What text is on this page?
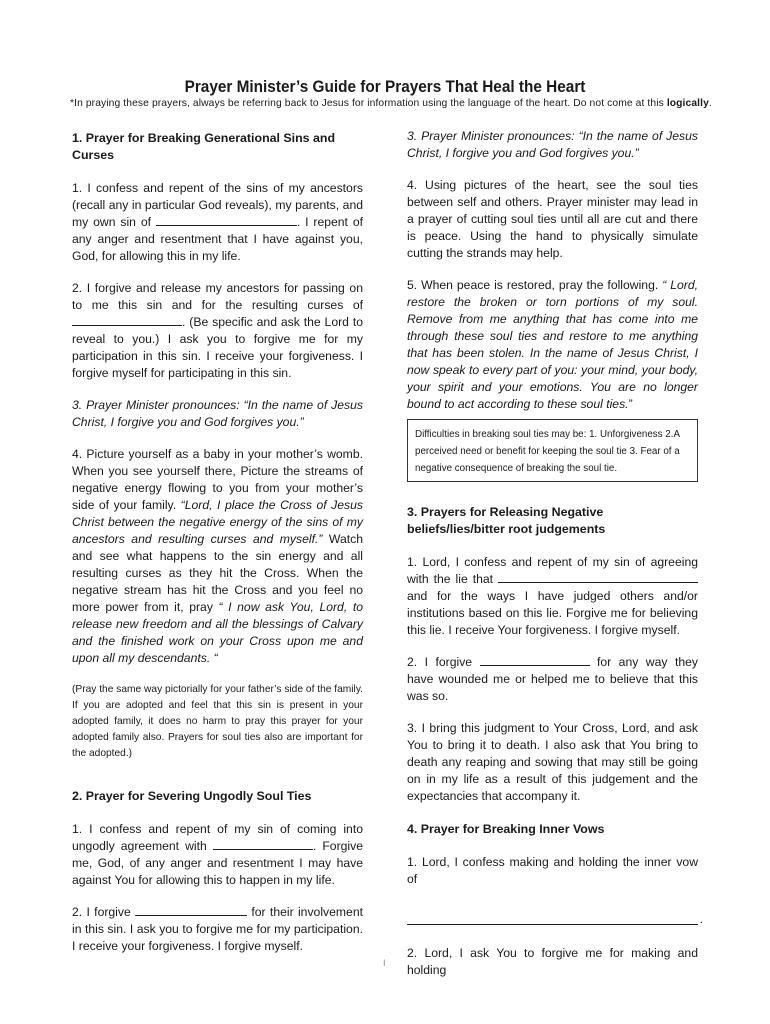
Prayer Minister’s Guide for Prayers That Heal the Heart
*In praying these prayers, always be referring back to Jesus for information using the language of the heart. Do not come at this logically.
1. Prayer for Breaking Generational Sins and Curses

1. I confess and repent of the sins of my ancestors (recall any in particular God reveals), my parents, and my own sin of	. I repent of any anger and resentment that I have against you, God, for allowing this in my life.

2. I forgive and release my ancestors for passing on to me this sin and for the resulting curses of . (Be specific and ask the Lord to reveal to you.) I ask you to forgive me for my participation in this sin. I receive your forgiveness. I forgive myself for participating in this sin.

3. Prayer Minister pronounces: “In the name of Jesus Christ, I forgive you and God forgives you.”

4. Picture yourself as a baby in your mother’s womb. When you see yourself there, Picture the streams of negative energy flowing to you from your mother’s side of your family. “Lord, I place the Cross of Jesus Christ between the negative energy of the sins of my ancestors and resulting curses and myself.” Watch and see what happens to the sin energy and all resulting curses as they hit the Cross. When the negative stream has hit the Cross and you feel no more power from it, pray “ I now ask You, Lord, to release new freedom and all the blessings of Calvary and the finished work on your Cross upon me and upon all my descendants. “

(Pray the same way pictorially for your father’s side of the family. If you are adopted and feel that this sin is present in your adopted family, it does no harm to pray this prayer for your adopted family also. Prayers for soul ties also are important for the adopted.)

2. Prayer for Severing Ungodly Soul Ties

1. I confess and repent of my sin of coming into ungodly agreement with	. Forgive me, God, of any anger and resentment I may have against You for allowing this to happen in my life.

2. I forgive	for their involvement in this sin. I ask you to forgive me for my participation. I receive your forgiveness. I forgive myself.

3. Prayer Minister pronounces: “In the name of Jesus Christ, I forgive you and God forgives you.”

4. Using pictures of the heart, see the soul ties between self and others. Prayer minister may lead in a prayer of cutting soul ties until all are cut and there is peace. Using the hand to physically simulate cutting the strands may help.

5. When peace is restored, pray the following. “ Lord, restore the broken or torn portions of my soul. Remove from me anything that has come into me through these soul ties and restore to me anything that has been stolen. In the name of Jesus Christ, I now speak to every part of you: your mind, your body, your spirit and your emotions. You are no longer bound to act according to these soul ties.”

Difficulties in breaking soul ties may be: 1. Unforgiveness 2.A perceived need or benefit for keeping the soul tie 3. Fear of a negative consequence of breaking the soul tie.
3. Prayers for Releasing Negative beliefs/lies/bitter root judgements

1. Lord, I confess and repent of my sin of agreeing with the lie that  and for the ways I have judged others and/or institutions based on this lie. Forgive me for believing this lie. I receive Your forgiveness. I forgive myself.

2. I forgive	for any way they have wounded me or helped me to believe that this was so.

3. I bring this judgment to Your Cross, Lord, and ask You to bring it to death. I also ask that You bring to death any reaping and sowing that may still be going on in my life as a result of this judgement and the expectancies that accompany it.

4. Prayer for Breaking Inner Vows

1. Lord, I confess making and holding the inner vow of

.

2. Lord, I ask You to forgive me for making and holding

I
